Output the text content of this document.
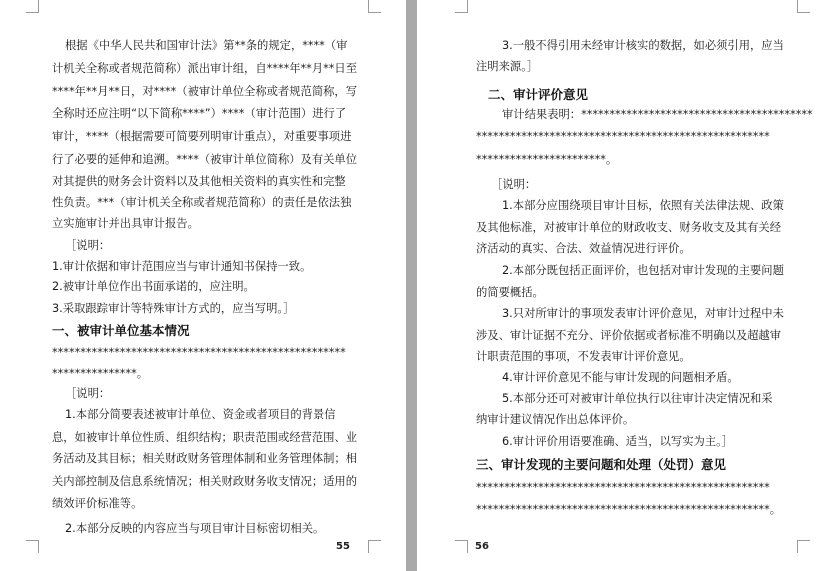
根据《中华人民共和国审计法》第**条的规定，****（审
计机关全称或者规范简称）派出审计组，自****年**月**日至
****年**月**日，对****（被审计单位全称或者规范简称，写
全称时还应注明“以下简称****”）****（审计范围）进行了
审计，****（根据需要可简要列明审计重点），对重要事项进
行了必要的延伸和追溯。****（被审计单位简称）及有关单位
对其提供的财务会计资料以及其他相关资料的真实性和完整
性负责。***（审计机关全称或者规范简称）的责任是依法独
立实施审计并出具审计报告。
［说明：
1.审计依据和审计范围应当与审计通知书保持一致。
2.被审计单位作出书面承诺的，应注明。
3.采取跟踪审计等特殊审计方式的，应当写明。］
一、被审计单位基本情况
****************************************************
***************。
［说明：
1.本部分简要表述被审计单位、资金或者项目的背景信
息，如被审计单位性质、组织结构；职责范围或经营范围、业
务活动及其目标；相关财政财务管理体制和业务管理体制；相
关内部控制及信息系统情况；相关财政财务收支情况；适用的
绩效评价标准等。
2.本部分反映的内容应当与项目审计目标密切相关。
55
3.一般不得引用未经审计核实的数据，如必须引用，应当
注明来源。］
二、审计评价意见
审计结果表明：*****************************************
****************************************************
***********************。
［说明：
1.本部分应围绕项目审计目标，依照有关法律法规、政策
及其他标准，对被审计单位的财政收支、财务收支及其有关经
济活动的真实、合法、效益情况进行评价。
2.本部分既包括正面评价，也包括对审计发现的主要问题
的简要概括。
3.只对所审计的事项发表审计评价意见，对审计过程中未
涉及、审计证据不充分、评价依据或者标准不明确以及超越审
计职责范围的事项，不发表审计评价意见。
4.审计评价意见不能与审计发现的问题相矛盾。
5.本部分还可对被审计单位执行以往审计决定情况和采
纳审计建议情况作出总体评价。
6.审计评价用语要准确、适当，以写实为主。］
三、审计发现的主要问题和处理（处罚）意见
****************************************************
****************************************************。
56
